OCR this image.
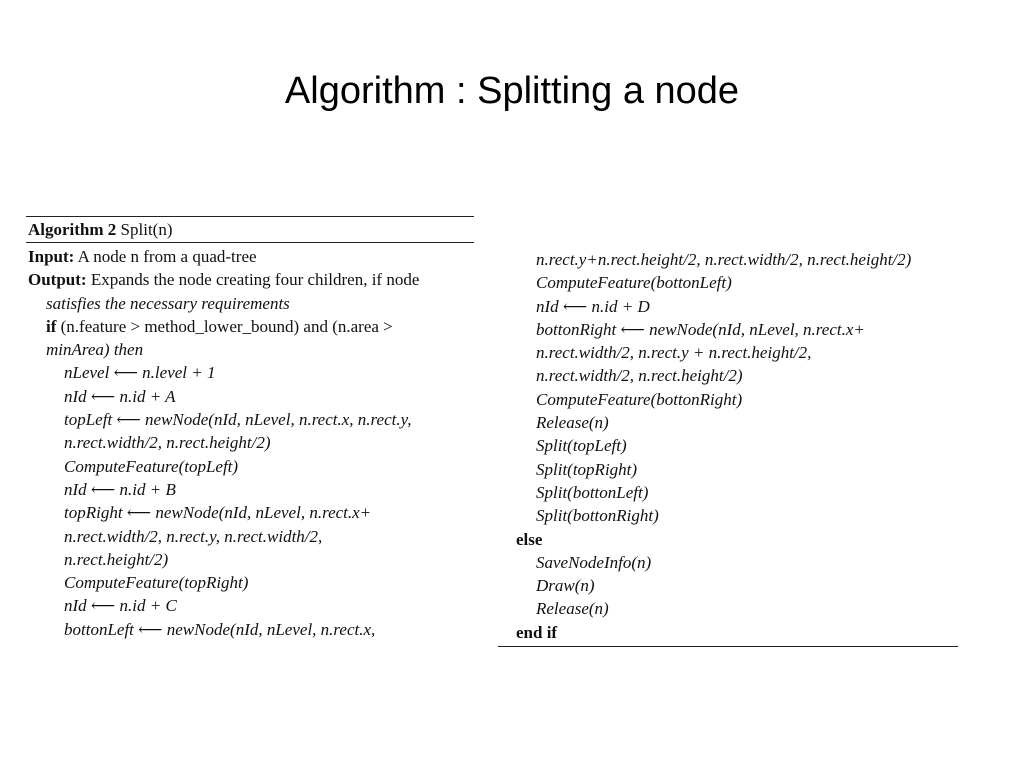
Algorithm : Splitting a node
Algorithm 2 Split(n)
Input: A node n from a quad-tree
Output: Expands the node creating four children, if node
satisfies the necessary requirements
if (n.feature > method_lower_bound) and (n.area >
minArea) then
nLevel ⟵ n.level + 1
nId ⟵ n.id + A
topLeft ⟵ newNode(nId, nLevel, n.rect.x, n.rect.y,
n.rect.width/2, n.rect.height/2)
ComputeFeature(topLeft)
nId ⟵ n.id + B
topRight ⟵ newNode(nId, nLevel, n.rect.x+
n.rect.width/2, n.rect.y, n.rect.width/2,
n.rect.height/2)
ComputeFeature(topRight)
nId ⟵ n.id + C
bottonLeft ⟵ newNode(nId, nLevel, n.rect.x,
n.rect.y+n.rect.height/2, n.rect.width/2, n.rect.height/2)
ComputeFeature(bottonLeft)
nId ⟵ n.id + D
bottonRight ⟵ newNode(nId, nLevel, n.rect.x+
n.rect.width/2, n.rect.y + n.rect.height/2,
n.rect.width/2, n.rect.height/2)
ComputeFeature(bottonRight)
Release(n)
Split(topLeft)
Split(topRight)
Split(bottonLeft)
Split(bottonRight)
else
SaveNodeInfo(n)
Draw(n)
Release(n)
end if
